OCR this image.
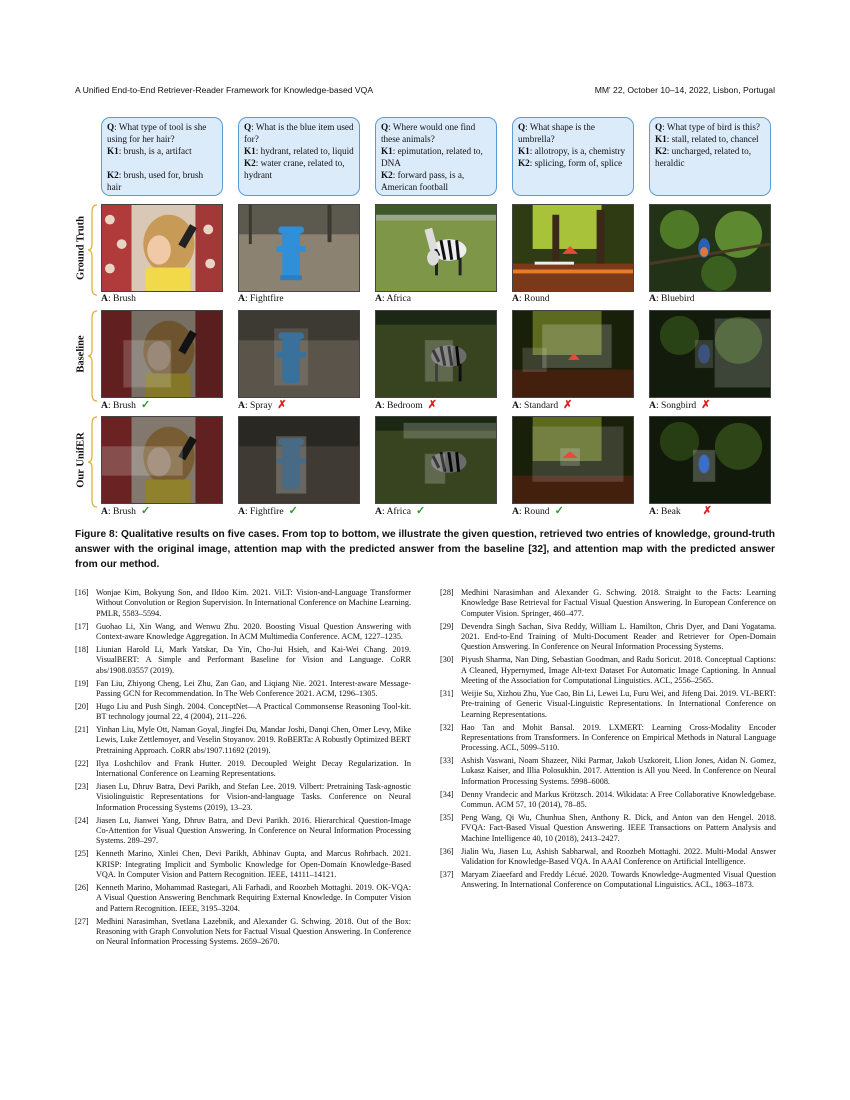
A Unified End-to-End Retriever-Reader Framework for Knowledge-based VQA	MM' 22, October 10–14, 2022, Lisbon, Portugal
Q: What type of tool is she using for her hair?
K1: brush, is a, artifact

K2: brush, used for, brush hair
Q: What is the blue item used for?
K1: hydrant, related to, liquid
K2: water crane, related to, hydrant
Q: Where would one find these animals?
K1: epimutation, related to, DNA
K2: forward pass, is a, American football
Q: What shape is the umbrella?
K1: allotropy, is a, chemistry
K2: splicing, form of, splice
Q: What type of bird is this?
K1: stall, related to, chancel
K2: uncharged, related to, heraldic
Ground Truth
Baseline
Our UnifER
A: Brush	A: Fightfire	A: Africa	A: Round	A: Bluebird
A: Brush ✓	A: Spray ✗	A: Bedroom ✗	A: Standard ✗	A: Songbird ✗
A: Brush ✓	A: Fightfire ✓	A: Africa ✓	A: Round ✓	A: Beak ✗
Figure 8: Qualitative results on five cases. From top to bottom, we illustrate the given question, retrieved two entries of knowledge, ground-truth answer with the original image, attention map with the predicted answer from the baseline [32], and attention map with the predicted answer from our method.
[16] Wonjae Kim, Bokyung Son, and Ildoo Kim. 2021. ViLT: Vision-and-Language Transformer Without Convolution or Region Supervision. In International Conference on Machine Learning. PMLR, 5583–5594.
[17] Guohao Li, Xin Wang, and Wenwu Zhu. 2020. Boosting Visual Question Answering with Context-aware Knowledge Aggregation. In ACM Multimedia Conference. ACM, 1227–1235.
[18] Liunian Harold Li, Mark Yatskar, Da Yin, Cho-Jui Hsieh, and Kai-Wei Chang. 2019. VisualBERT: A Simple and Performant Baseline for Vision and Language. CoRR abs/1908.03557 (2019).
[19] Fan Liu, Zhiyong Cheng, Lei Zhu, Zan Gao, and Liqiang Nie. 2021. Interest-aware Message-Passing GCN for Recommendation. In The Web Conference 2021. ACM, 1296–1305.
[20] Hugo Liu and Push Singh. 2004. ConceptNet—A Practical Commonsense Reasoning Tool-kit. BT technology journal 22, 4 (2004), 211–226.
[21] Yinhan Liu, Myle Ott, Naman Goyal, Jingfei Du, Mandar Joshi, Danqi Chen, Omer Levy, Mike Lewis, Luke Zettlemoyer, and Veselin Stoyanov. 2019. RoBERTa: A Robustly Optimized BERT Pretraining Approach. CoRR abs/1907.11692 (2019).
[22] Ilya Loshchilov and Frank Hutter. 2019. Decoupled Weight Decay Regularization. In International Conference on Learning Representations.
[23] Jiasen Lu, Dhruv Batra, Devi Parikh, and Stefan Lee. 2019. Vilbert: Pretraining Task-agnostic Visiolinguistic Representations for Vision-and-language Tasks. Conference on Neural Information Processing Systems (2019), 13–23.
[24] Jiasen Lu, Jianwei Yang, Dhruv Batra, and Devi Parikh. 2016. Hierarchical Question-Image Co-Attention for Visual Question Answering. In Conference on Neural Information Processing Systems. 289–297.
[25] Kenneth Marino, Xinlei Chen, Devi Parikh, Abhinav Gupta, and Marcus Rohrbach. 2021. KRISP: Integrating Implicit and Symbolic Knowledge for Open-Domain Knowledge-Based VQA. In Computer Vision and Pattern Recognition. IEEE, 14111–14121.
[26] Kenneth Marino, Mohammad Rastegari, Ali Farhadi, and Roozbeh Mottaghi. 2019. OK-VQA: A Visual Question Answering Benchmark Requiring External Knowledge. In Computer Vision and Pattern Recognition. IEEE, 3195–3204.
[27] Medhini Narasimhan, Svetlana Lazebnik, and Alexander G. Schwing. 2018. Out of the Box: Reasoning with Graph Convolution Nets for Factual Visual Question Answering. In Conference on Neural Information Processing Systems. 2659–2670.
[28] Medhini Narasimhan and Alexander G. Schwing. 2018. Straight to the Facts: Learning Knowledge Base Retrieval for Factual Visual Question Answering. In European Conference on Computer Vision. Springer, 460–477.
[29] Devendra Singh Sachan, Siva Reddy, William L. Hamilton, Chris Dyer, and Dani Yogatama. 2021. End-to-End Training of Multi-Document Reader and Retriever for Open-Domain Question Answering. In Conference on Neural Information Processing Systems.
[30] Piyush Sharma, Nan Ding, Sebastian Goodman, and Radu Soricut. 2018. Conceptual Captions: A Cleaned, Hypernymed, Image Alt-text Dataset For Automatic Image Captioning. In Annual Meeting of the Association for Computational Linguistics. ACL, 2556–2565.
[31] Weijie Su, Xizhou Zhu, Yue Cao, Bin Li, Lewei Lu, Furu Wei, and Jifeng Dai. 2019. VL-BERT: Pre-training of Generic Visual-Linguistic Representations. In International Conference on Learning Representations.
[32] Hao Tan and Mohit Bansal. 2019. LXMERT: Learning Cross-Modality Encoder Representations from Transformers. In Conference on Empirical Methods in Natural Language Processing. ACL, 5099–5110.
[33] Ashish Vaswani, Noam Shazeer, Niki Parmar, Jakob Uszkoreit, Llion Jones, Aidan N. Gomez, Lukasz Kaiser, and Illia Polosukhin. 2017. Attention is All you Need. In Conference on Neural Information Processing Systems. 5998–6008.
[34] Denny Vrandecic and Markus Krötzsch. 2014. Wikidata: A Free Collaborative Knowledgebase. Commun. ACM 57, 10 (2014), 78–85.
[35] Peng Wang, Qi Wu, Chunhua Shen, Anthony R. Dick, and Anton van den Hengel. 2018. FVQA: Fact-Based Visual Question Answering. IEEE Transactions on Pattern Analysis and Machine Intelligence 40, 10 (2018), 2413–2427.
[36] Jialin Wu, Jiasen Lu, Ashish Sabharwal, and Roozbeh Mottaghi. 2022. Multi-Modal Answer Validation for Knowledge-Based VQA. In AAAI Conference on Artificial Intelligence.
[37] Maryam Ziaeefard and Freddy Lécué. 2020. Towards Knowledge-Augmented Visual Question Answering. In International Conference on Computational Linguistics. ACL, 1863–1873.
